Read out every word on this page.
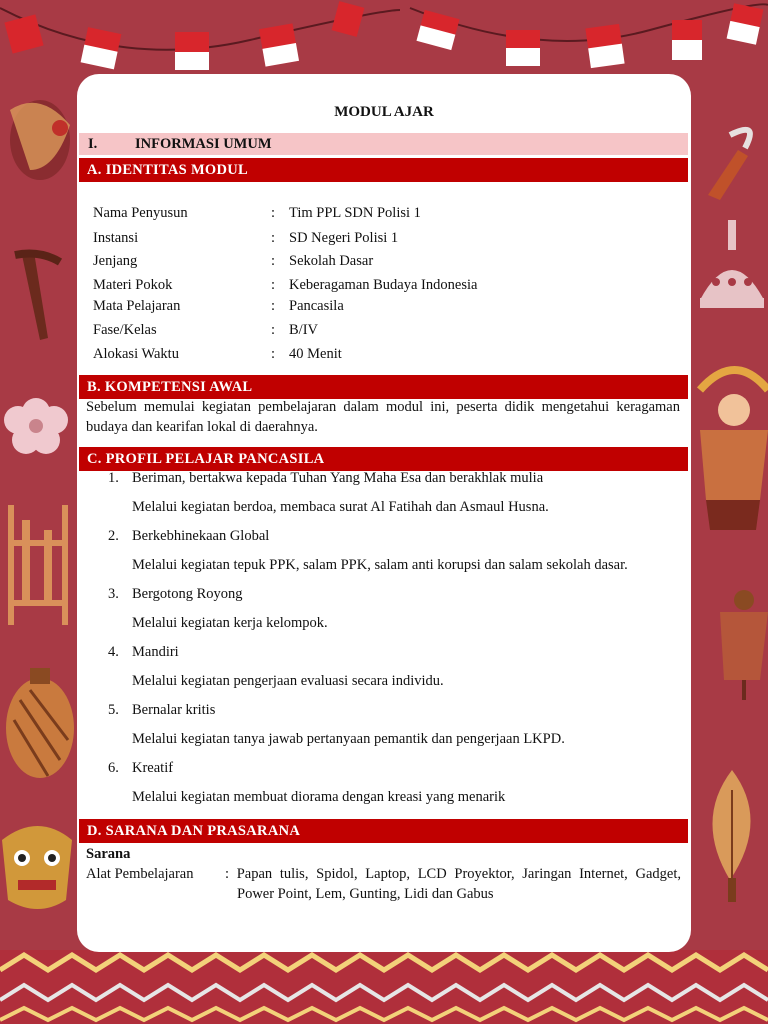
MODUL AJAR
I.	INFORMASI UMUM
A. IDENTITAS MODUL
Nama Penyusun	: Tim PPL SDN Polisi 1
Instansi	: SD Negeri Polisi 1
Jenjang	: Sekolah Dasar
Materi Pokok	: Keberagaman Budaya Indonesia
Mata Pelajaran	: Pancasila
Fase/Kelas	: B/IV
Alokasi Waktu	: 40 Menit
B. KOMPETENSI AWAL
Sebelum memulai kegiatan pembelajaran dalam modul ini, peserta didik mengetahui keragaman budaya dan kearifan lokal di daerahnya.
C. PROFIL PELAJAR PANCASILA
1. Beriman, bertakwa kepada Tuhan Yang Maha Esa dan berakhlak mulia
Melalui kegiatan berdoa, membaca surat Al Fatihah dan Asmaul Husna.
2. Berkebhinekaan Global
Melalui kegiatan tepuk PPK, salam PPK, salam anti korupsi dan salam sekolah dasar.
3. Bergotong Royong
Melalui kegiatan kerja kelompok.
4. Mandiri
Melalui kegiatan pengerjaan evaluasi secara individu.
5. Bernalar kritis
Melalui kegiatan tanya jawab pertanyaan pemantik dan pengerjaan LKPD.
6. Kreatif
Melalui kegiatan membuat diorama dengan kreasi yang menarik
D. SARANA DAN PRASARANA
Sarana
Alat Pembelajaran : Papan tulis, Spidol, Laptop, LCD Proyektor, Jaringan Internet, Gadget,
Power Point, Lem, Gunting, Lidi dan Gabus
